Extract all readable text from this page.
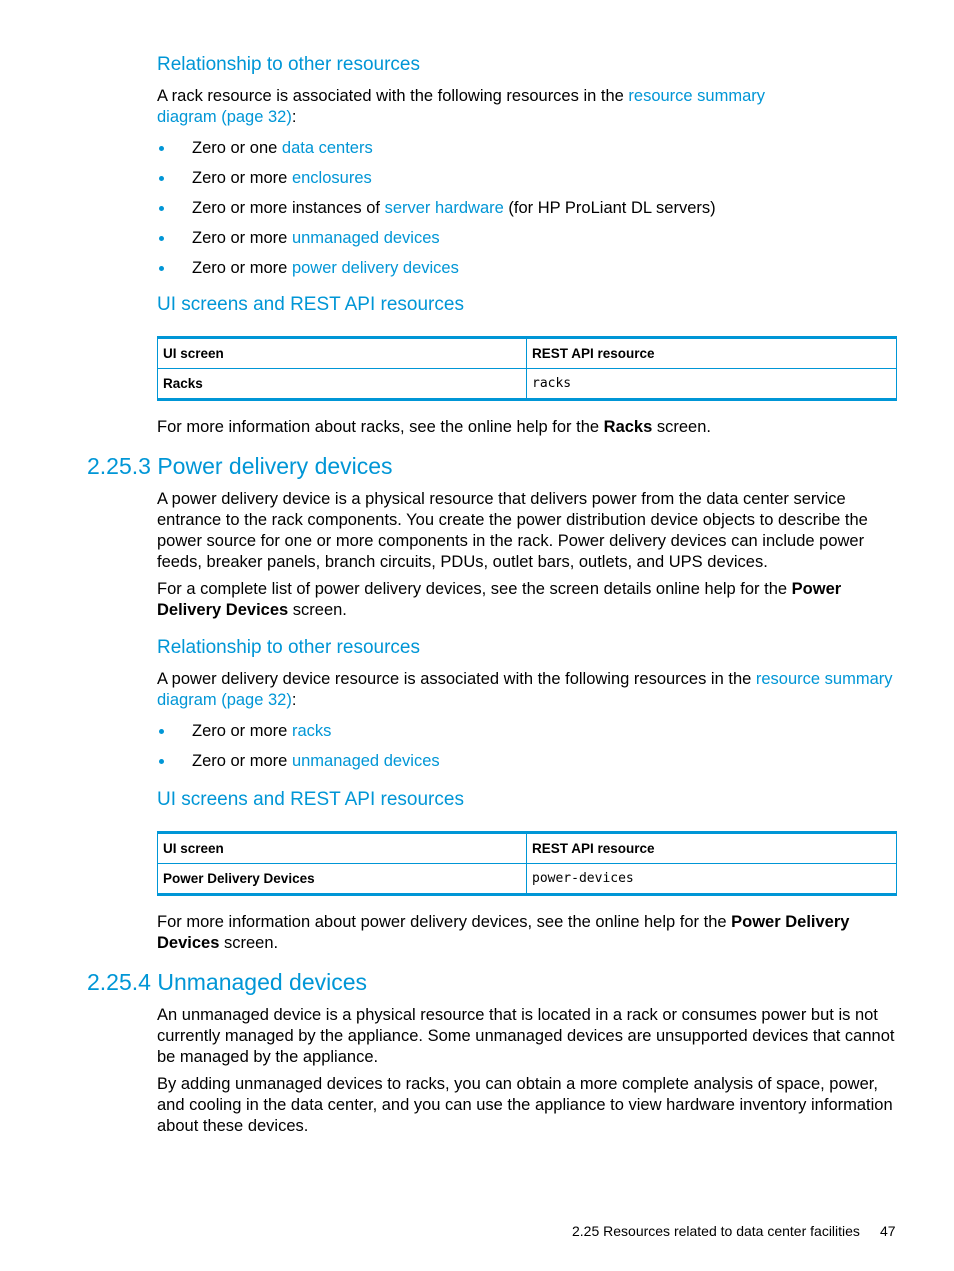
Relationship to other resources

A rack resource is associated with the following resources in the resource summary diagram (page 32):

Zero or one data centers
Zero or more enclosures
Zero or more instances of server hardware (for HP ProLiant DL servers)
Zero or more unmanaged devices
Zero or more power delivery devices
UI screens and REST API resources
UI screen	REST API resource
Racks	racks

For more information about racks, see the online help for the Racks screen.

2.25.3 Power delivery devices

A power delivery device is a physical resource that delivers power from the data center service entrance to the rack components. You create the power distribution device objects to describe the power source for one or more components in the rack. Power delivery devices can include power feeds, breaker panels, branch circuits, PDUs, outlet bars, outlets, and UPS devices.

For a complete list of power delivery devices, see the screen details online help for the Power Delivery Devices screen.

Relationship to other resources

A power delivery device resource is associated with the following resources in the resource summary diagram (page 32):

Zero or more racks
Zero or more unmanaged devices
UI screens and REST API resources
UI screen	REST API resource
Power Delivery Devices	power-devices

For more information about power delivery devices, see the online help for the Power Delivery Devices screen.

2.25.4 Unmanaged devices

An unmanaged device is a physical resource that is located in a rack or consumes power but is not currently managed by the appliance. Some unmanaged devices are unsupported devices that cannot be managed by the appliance.

By adding unmanaged devices to racks, you can obtain a more complete analysis of space, power, and cooling in the data center, and you can use the appliance to view hardware inventory information about these devices.

2.25 Resources related to data center facilities 47
